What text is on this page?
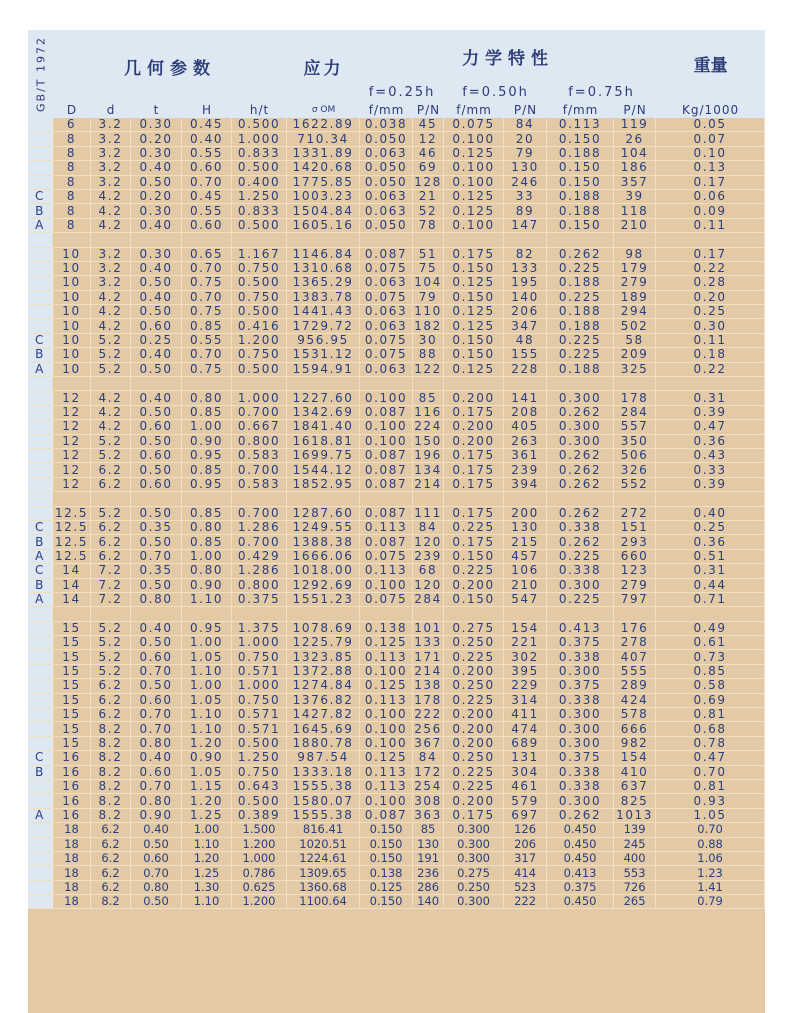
GB/T 1972	几何参数					应力	力学特性						重量
							f=0.25h		f=0.50h		f=0.75h		
	D	d	t	H	h/t	σ OM	f/mm	P/N	f/mm	P/N	f/mm	P/N	Kg/1000
	6	3.2	0.30	0.45	0.500	1622.89	0.038	45	0.075	84	0.113	119	0.05
	8	3.2	0.20	0.40	1.000	710.34	0.050	12	0.100	20	0.150	26	0.07
	8	3.2	0.30	0.55	0.833	1331.89	0.063	46	0.125	79	0.188	104	0.10
	8	3.2	0.40	0.60	0.500	1420.68	0.050	69	0.100	130	0.150	186	0.13
	8	3.2	0.50	0.70	0.400	1775.85	0.050	128	0.100	246	0.150	357	0.17
C	8	4.2	0.20	0.45	1.250	1003.23	0.063	21	0.125	33	0.188	39	0.06
B	8	4.2	0.30	0.55	0.833	1504.84	0.063	52	0.125	89	0.188	118	0.09
A	8	4.2	0.40	0.60	0.500	1605.16	0.050	78	0.100	147	0.150	210	0.11

	10	3.2	0.30	0.65	1.167	1146.84	0.087	51	0.175	82	0.262	98	0.17
	10	3.2	0.40	0.70	0.750	1310.68	0.075	75	0.150	133	0.225	179	0.22
	10	3.2	0.50	0.75	0.500	1365.29	0.063	104	0.125	195	0.188	279	0.28
	10	4.2	0.40	0.70	0.750	1383.78	0.075	79	0.150	140	0.225	189	0.20
	10	4.2	0.50	0.75	0.500	1441.43	0.063	110	0.125	206	0.188	294	0.25
	10	4.2	0.60	0.85	0.416	1729.72	0.063	182	0.125	347	0.188	502	0.30
C	10	5.2	0.25	0.55	1.200	956.95	0.075	30	0.150	48	0.225	58	0.11
B	10	5.2	0.40	0.70	0.750	1531.12	0.075	88	0.150	155	0.225	209	0.18
A	10	5.2	0.50	0.75	0.500	1594.91	0.063	122	0.125	228	0.188	325	0.22

	12	4.2	0.40	0.80	1.000	1227.60	0.100	85	0.200	141	0.300	178	0.31
	12	4.2	0.50	0.85	0.700	1342.69	0.087	116	0.175	208	0.262	284	0.39
	12	4.2	0.60	1.00	0.667	1841.40	0.100	224	0.200	405	0.300	557	0.47
	12	5.2	0.50	0.90	0.800	1618.81	0.100	150	0.200	263	0.300	350	0.36
	12	5.2	0.60	0.95	0.583	1699.75	0.087	196	0.175	361	0.262	506	0.43
	12	6.2	0.50	0.85	0.700	1544.12	0.087	134	0.175	239	0.262	326	0.33
	12	6.2	0.60	0.95	0.583	1852.95	0.087	214	0.175	394	0.262	552	0.39

	12.5	5.2	0.50	0.85	0.700	1287.60	0.087	111	0.175	200	0.262	272	0.40
C	12.5	6.2	0.35	0.80	1.286	1249.55	0.113	84	0.225	130	0.338	151	0.25
B	12.5	6.2	0.50	0.85	0.700	1388.38	0.087	120	0.175	215	0.262	293	0.36
A	12.5	6.2	0.70	1.00	0.429	1666.06	0.075	239	0.150	457	0.225	660	0.51
C	14	7.2	0.35	0.80	1.286	1018.00	0.113	68	0.225	106	0.338	123	0.31
B	14	7.2	0.50	0.90	0.800	1292.69	0.100	120	0.200	210	0.300	279	0.44
A	14	7.2	0.80	1.10	0.375	1551.23	0.075	284	0.150	547	0.225	797	0.71

	15	5.2	0.40	0.95	1.375	1078.69	0.138	101	0.275	154	0.413	176	0.49
	15	5.2	0.50	1.00	1.000	1225.79	0.125	133	0.250	221	0.375	278	0.61
	15	5.2	0.60	1.05	0.750	1323.85	0.113	171	0.225	302	0.338	407	0.73
	15	5.2	0.70	1.10	0.571	1372.88	0.100	214	0.200	395	0.300	555	0.85
	15	6.2	0.50	1.00	1.000	1274.84	0.125	138	0.250	229	0.375	289	0.58
	15	6.2	0.60	1.05	0.750	1376.82	0.113	178	0.225	314	0.338	424	0.69
	15	6.2	0.70	1.10	0.571	1427.82	0.100	222	0.200	411	0.300	578	0.81
	15	8.2	0.70	1.10	0.571	1645.69	0.100	256	0.200	474	0.300	666	0.68
	15	8.2	0.80	1.20	0.500	1880.78	0.100	367	0.200	689	0.300	982	0.78
C	16	8.2	0.40	0.90	1.250	987.54	0.125	84	0.250	131	0.375	154	0.47
B	16	8.2	0.60	1.05	0.750	1333.18	0.113	172	0.225	304	0.338	410	0.70
	16	8.2	0.70	1.15	0.643	1555.38	0.113	254	0.225	461	0.338	637	0.81
	16	8.2	0.80	1.20	0.500	1580.07	0.100	308	0.200	579	0.300	825	0.93
A	16	8.2	0.90	1.25	0.389	1555.38	0.087	363	0.175	697	0.262	1013	1.05
	18	6.2	0.40	1.00	1.500	816.41	0.150	85	0.300	126	0.450	139	0.70
	18	6.2	0.50	1.10	1.200	1020.51	0.150	130	0.300	206	0.450	245	0.88
	18	6.2	0.60	1.20	1.000	1224.61	0.150	191	0.300	317	0.450	400	1.06
	18	6.2	0.70	1.25	0.786	1309.65	0.138	236	0.275	414	0.413	553	1.23
	18	6.2	0.80	1.30	0.625	1360.68	0.125	286	0.250	523	0.375	726	1.41
	18	8.2	0.50	1.10	1.200	1100.64	0.150	140	0.300	222	0.450	265	0.79
